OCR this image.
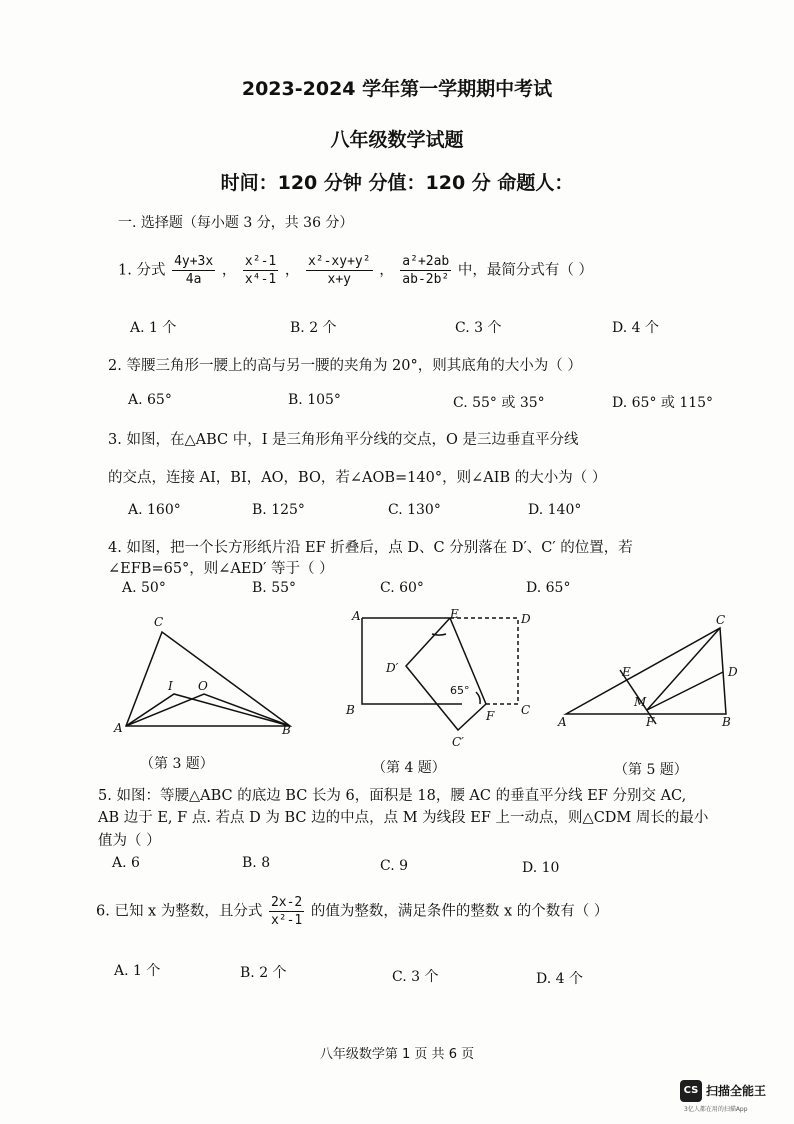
2023-2024 学年第一学期期中考试
八年级数学试题
时间：120 分钟 分值：120 分 命题人：
一. 选择题（每小题 3 分，共 36 分）
1. 分式 $\frac{4y+3x}{4a}$ ， $\frac{\text{x²-1}}{\text{x⁴-1}}$ ， $\frac{\text{x²-xy+y²}}{x+y}$ ， $\frac{\text{a²+2ab}}{\text{ab-2b²}}$ 中，最简分式有（ ）
A. 1 个	B. 2 个	C. 3 个	D. 4 个
2. 等腰三角形一腰上的高与另一腰的夹角为 20°，则其底角的大小为（ ）
A. 65°	B. 105°	C. 55° 或 35°	D. 65° 或 115°
3. 如图，在△ABC 中，I 是三角形角平分线的交点，O 是三边垂直平分线
的交点，连接 AI，BI，AO，BO，若∠AOB=140°，则∠AIB 的大小为（ ）
A. 160°	B. 125°	C. 130°	D. 140°
4. 如图，把一个长方形纸片沿 EF 折叠后，点 D、C 分别落在 D′、C′ 的位置，若
∠EFB=65°，则∠AED′ 等于（ ）
A. 50°	B. 55°	C. 60°	D. 65°
C
A	B
I O
（第 3 题）
A	E	D
D′
B	F C
C′
65°
（第 4 题）
C
E	D
M
A	F	B
（第 5 题）
5. 如图：等腰△ABC 的底边 BC 长为 6，面积是 18，腰 AC 的垂直平分线 EF 分别交 AC,
AB 边于 E, F 点. 若点 D 为 BC 边的中点，点 M 为线段 EF 上一动点，则△CDM 周长的最小
值为（ ）
A. 6	B. 8	C. 9	D. 10
6. 已知 x 为整数，且分式 $\frac{2x-2}{\text{x²-1}}$ 的值为整数，满足条件的整数 x 的个数有（ ）
A. 1 个	B. 2 个	C. 3 个	D. 4 个
八年级数学第 1 页 共 6 页
CS 扫描全能王
3亿人都在用的扫描App
